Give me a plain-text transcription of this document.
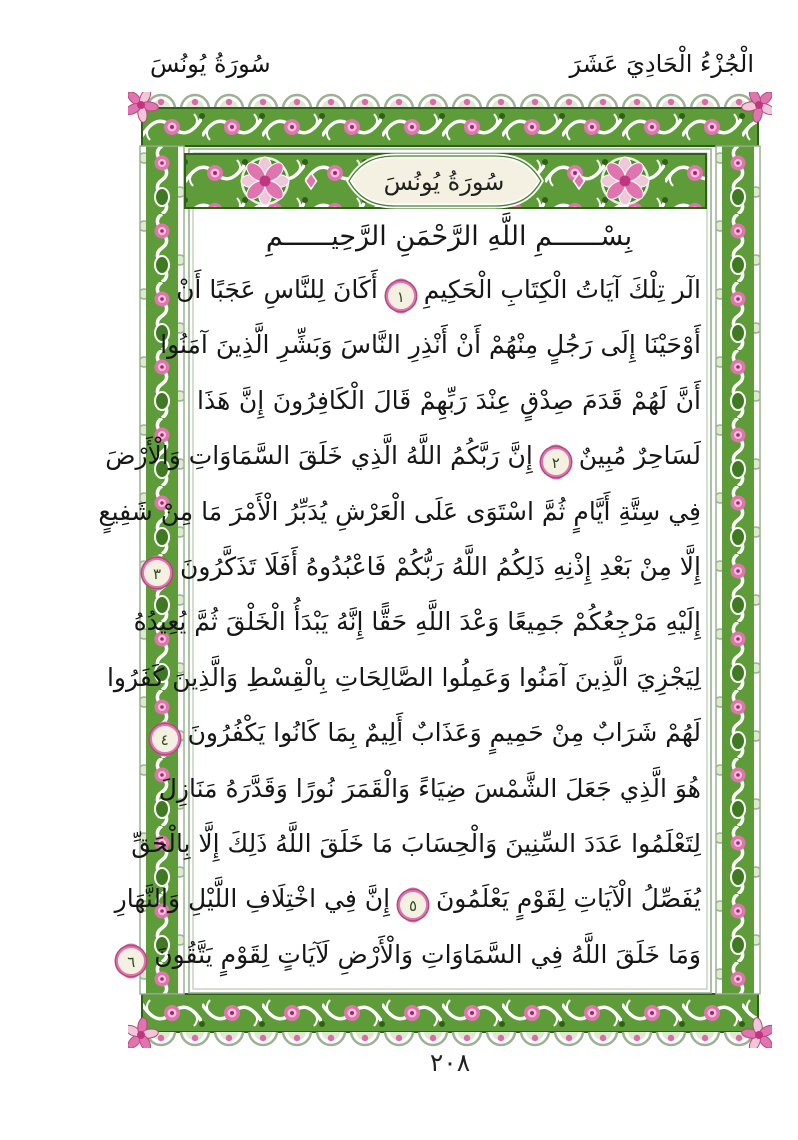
الْجُزْءُ الْحَادِيَ عَشَرَ
سُورَةُ يُونُسَ
سُورَةُ يُونُسَ
بِسْــــــمِ اللَّهِ الرَّحْمَنِ الرَّحِيــــــمِ
الٓر تِلْكَ آيَاتُ الْكِتَابِ الْحَكِيمِ ١ أَكَانَ لِلنَّاسِ عَجَبًا أَنْ
أَوْحَيْنَا إِلَى رَجُلٍ مِنْهُمْ أَنْ أَنْذِرِ النَّاسَ وَبَشِّرِ الَّذِينَ آمَنُوا
أَنَّ لَهُمْ قَدَمَ صِدْقٍ عِنْدَ رَبِّهِمْ قَالَ الْكَافِرُونَ إِنَّ هَذَا
لَسَاحِرٌ مُبِينٌ ٢ إِنَّ رَبَّكُمُ اللَّهُ الَّذِي خَلَقَ السَّمَاوَاتِ وَالْأَرْضَ
فِي سِتَّةِ أَيَّامٍ ثُمَّ اسْتَوَى عَلَى الْعَرْشِ يُدَبِّرُ الْأَمْرَ مَا مِنْ شَفِيعٍ
إِلَّا مِنْ بَعْدِ إِذْنِهِ ذَلِكُمُ اللَّهُ رَبُّكُمْ فَاعْبُدُوهُ أَفَلَا تَذَكَّرُونَ ٣
إِلَيْهِ مَرْجِعُكُمْ جَمِيعًا وَعْدَ اللَّهِ حَقًّا إِنَّهُ يَبْدَأُ الْخَلْقَ ثُمَّ يُعِيدُهُ
لِيَجْزِيَ الَّذِينَ آمَنُوا وَعَمِلُوا الصَّالِحَاتِ بِالْقِسْطِ وَالَّذِينَ كَفَرُوا
لَهُمْ شَرَابٌ مِنْ حَمِيمٍ وَعَذَابٌ أَلِيمٌ بِمَا كَانُوا يَكْفُرُونَ ٤
هُوَ الَّذِي جَعَلَ الشَّمْسَ ضِيَاءً وَالْقَمَرَ نُورًا وَقَدَّرَهُ مَنَازِلَ
لِتَعْلَمُوا عَدَدَ السِّنِينَ وَالْحِسَابَ مَا خَلَقَ اللَّهُ ذَلِكَ إِلَّا بِالْحَقِّ
يُفَصِّلُ الْآيَاتِ لِقَوْمٍ يَعْلَمُونَ ٥ إِنَّ فِي اخْتِلَافِ اللَّيْلِ وَالنَّهَارِ
وَمَا خَلَقَ اللَّهُ فِي السَّمَاوَاتِ وَالْأَرْضِ لَآيَاتٍ لِقَوْمٍ يَتَّقُونَ ٦
٢٠٨
